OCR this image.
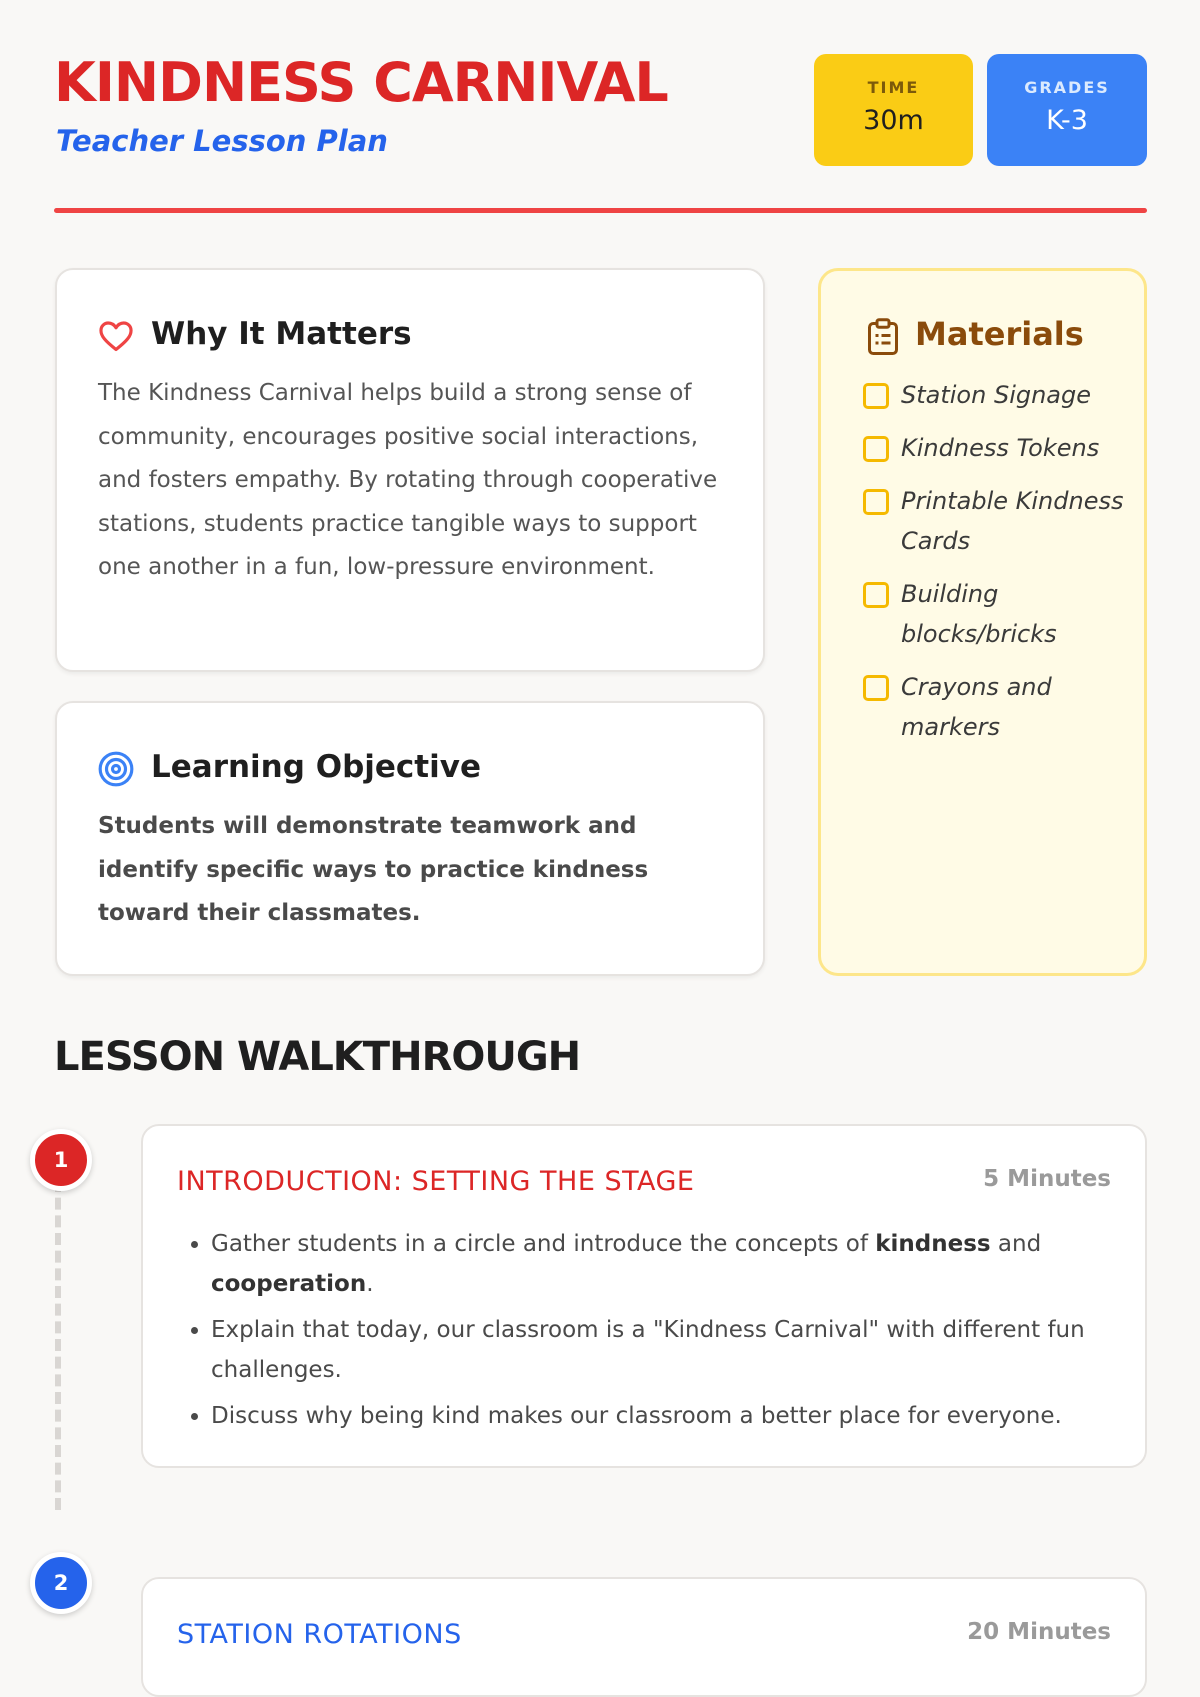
KINDNESS CARNIVAL
Teacher Lesson Plan
TIME
30m
GRADES
K-3
Why It Matters

The Kindness Carnival helps build a strong sense of community, encourages positive social interactions, and fosters empathy. By rotating through cooperative stations, students practice tangible ways to support one another in a fun, low-pressure environment.

Learning Objective

Students will demonstrate teamwork and identify specific ways to practice kindness toward their classmates.

Materials
Station Signage
Kindness Tokens
Printable Kindness Cards
Building blocks/bricks
Crayons and markers
LESSON WALKTHROUGH
1
INTRODUCTION: SETTING THE STAGE	5 Minutes
• Gather students in a circle and introduce the concepts of kindness and cooperation.
• Explain that today, our classroom is a "Kindness Carnival" with different fun challenges.
• Discuss why being kind makes our classroom a better place for everyone.
2
STATION ROTATIONS	20 Minutes
